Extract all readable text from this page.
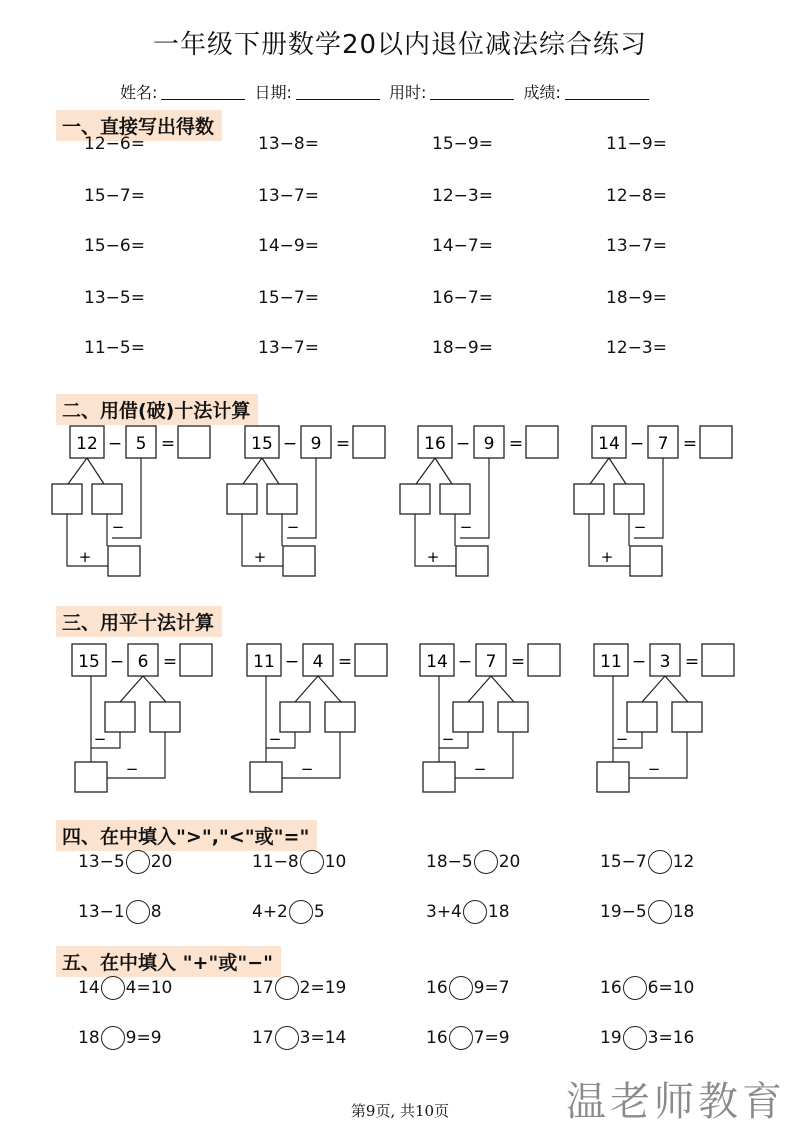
一年级下册数学20以内退位减法综合练习
姓名:	日期:	用时:	成绩:
一、直接写出得数
12−6=	13−8=	15−9=	11−9=
15−7=	13−7=	12−3=	12−8=
15−6=	14−9=	14−7=	13−7=
13−5=	15−7=	16−7=	18−9=
11−5=	13−7=	18−9=	12−3=
二、用借(破)十法计算
12 − 5 =
−
+
15 − 9 =
−
+
16 − 9 =
−
+
14 − 7 =
−
+
三、用平十法计算
15 − 6 =
−
−
11 − 4 =
−
−
14 − 7 =
−
−
11 − 3 =
−
−
四、在中填入">","<"或"="
13−5 20	11−8 10	18−5 20	15−7 12
13−1 8	4+2 5	3+4 18	19−5 18
五、在中填入 "+"或"−"
14 4=10	17 2=19	16 9=7	16 6=10
18 9=9	17 3=14	16 7=9	19 3=16
第9页, 共10页	温老师教育
